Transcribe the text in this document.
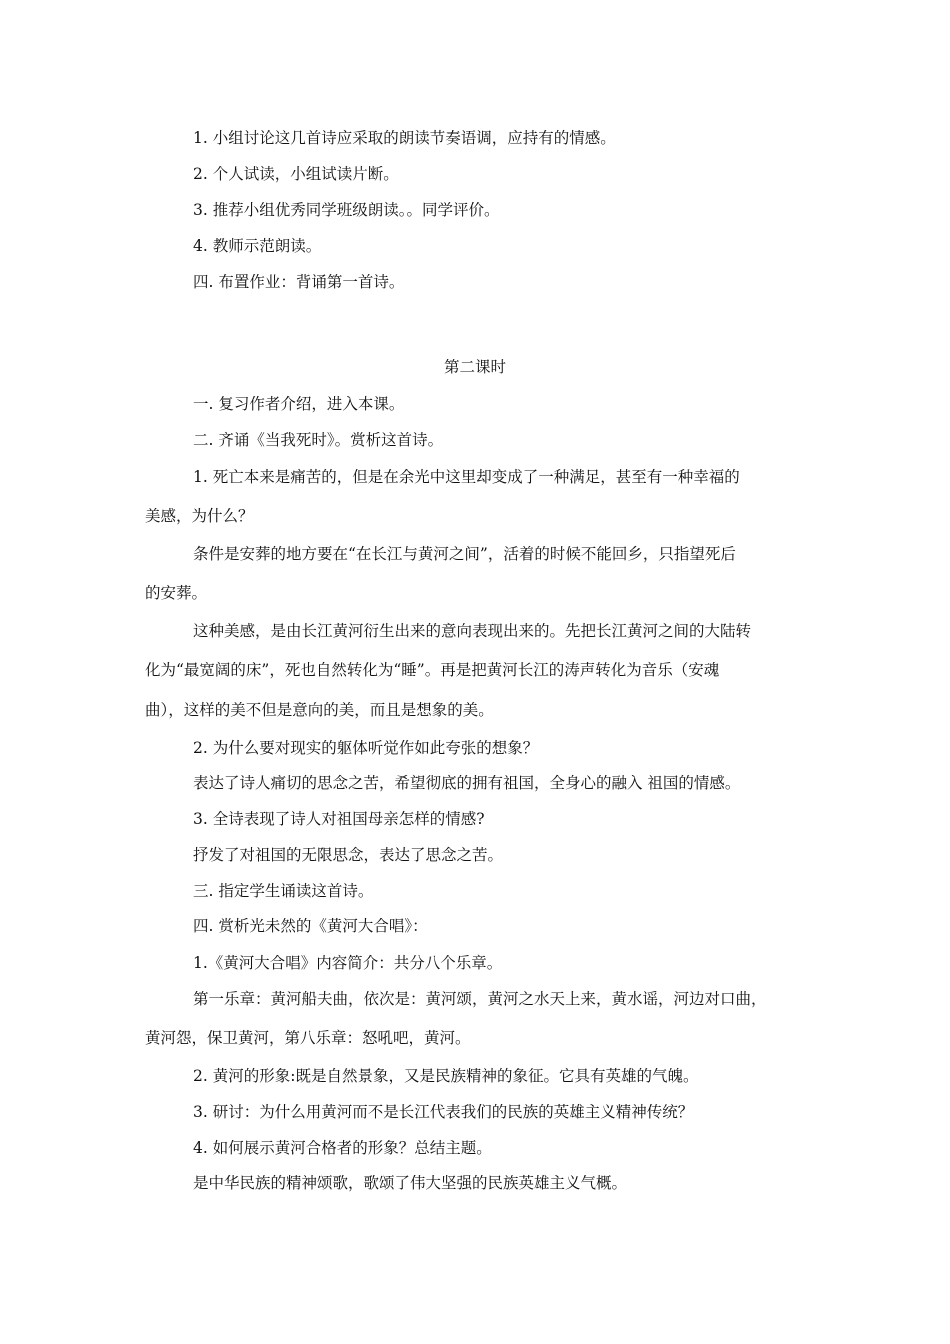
1. 小组讨论这几首诗应采取的朗读节奏语调，应持有的情感。
2. 个人试读，小组试读片断。
3. 推荐小组优秀同学班级朗读。。同学评价。
4. 教师示范朗读。
四. 布置作业：背诵第一首诗。
第二课时
一. 复习作者介绍，进入本课。
二. 齐诵《当我死时》。赏析这首诗。
1. 死亡本来是痛苦的，但是在余光中这里却变成了一种满足，甚至有一种幸福的
美感，为什么？
条件是安葬的地方要在“在长江与黄河之间”，活着的时候不能回乡，只指望死后
的安葬。
这种美感，是由长江黄河衍生出来的意向表现出来的。先把长江黄河之间的大陆转
化为“最宽阔的床”，死也自然转化为“睡”。再是把黄河长江的涛声转化为音乐（安魂
曲），这样的美不但是意向的美，而且是想象的美。
2. 为什么要对现实的躯体听觉作如此夸张的想象？
表达了诗人痛切的思念之苦，希望彻底的拥有祖国，全身心的融入 祖国的情感。
3. 全诗表现了诗人对祖国母亲怎样的情感?
抒发了对祖国的无限思念，表达了思念之苦。
三. 指定学生诵读这首诗。
四. 赏析光未然的《黄河大合唱》：
1.《黄河大合唱》内容简介：共分八个乐章。
第一乐章：黄河船夫曲，依次是：黄河颂，黄河之水天上来，黄水谣，河边对口曲，
黄河怨，保卫黄河，第八乐章：怒吼吧，黄河。
2. 黄河的形象:既是自然景象，又是民族精神的象征。它具有英雄的气魄。
3. 研讨：为什么用黄河而不是长江代表我们的民族的英雄主义精神传统？
4. 如何展示黄河合格者的形象？总结主题。
是中华民族的精神颂歌，歌颂了伟大坚强的民族英雄主义气概。
